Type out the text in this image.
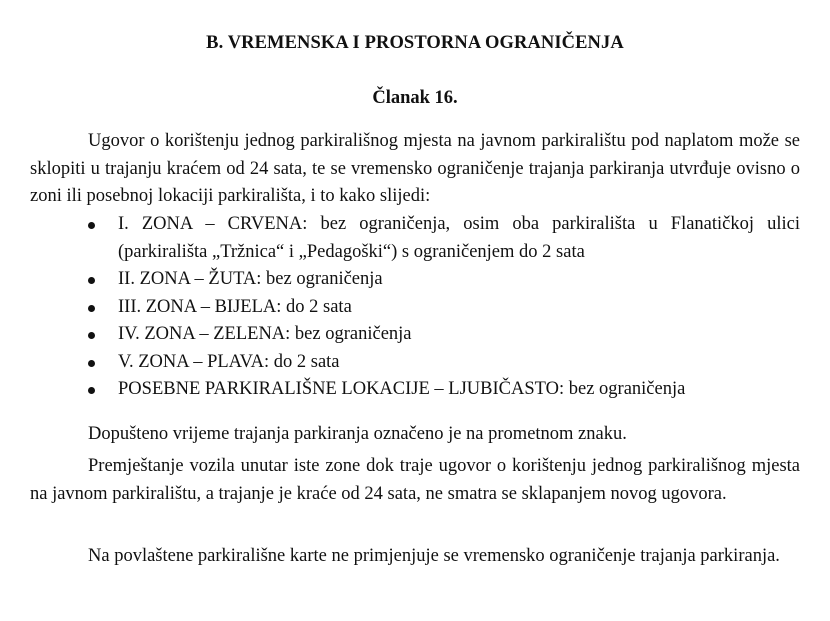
B. VREMENSKA I PROSTORNA OGRANIČENJA
Članak 16.
Ugovor o korištenju jednog parkirališnog mjesta na javnom parkiralištu pod naplatom može se sklopiti u trajanju kraćem od 24 sata, te se vremensko ograničenje trajanja parkiranja utvrđuje ovisno o zoni ili posebnoj lokaciji parkirališta, i to kako slijedi:
I. ZONA – CRVENA: bez ograničenja, osim oba parkirališta u Flanatičkoj ulici (parkirališta „Tržnica“ i „Pedagoški“) s ograničenjem do 2 sata
II. ZONA – ŽUTA: bez ograničenja
III. ZONA – BIJELA: do 2 sata
IV. ZONA – ZELENA: bez ograničenja
V. ZONA – PLAVA: do 2 sata
POSEBNE PARKIRALIŠNE LOKACIJE – LJUBIČASTO: bez ograničenja
Dopušteno vrijeme trajanja parkiranja označeno je na prometnom znaku.
Premještanje vozila unutar iste zone dok traje ugovor o korištenju jednog parkirališnog mjesta na javnom parkiralištu, a trajanje je kraće od 24 sata, ne smatra se sklapanjem novog ugovora.
Na povlaštene parkirališne karte ne primjenjuje se vremensko ograničenje trajanja parkiranja.
